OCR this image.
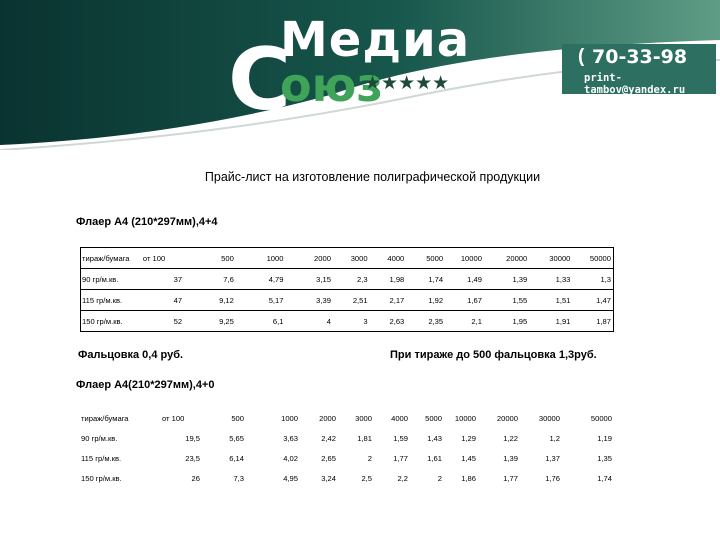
С
Медиа
оюз
★★★★★
( 70-33-98
print-tambov@yandex.ru
Прайс-лист на изготовление полиграфической продукции
Флаер А4 (210*297мм),4+4
тираж/бумага	от 100	500	1000	2000	3000	4000	5000	10000	20000	30000	50000
90 гр/м.кв.	37	7,6	4,79	3,15	2,3	1,98	1,74	1,49	1,39	1,33	1,3
115 гр/м.кв.	47	9,12	5,17	3,39	2,51	2,17	1,92	1,67	1,55	1,51	1,47
150 гр/м.кв.	52	9,25	6,1	4	3	2,63	2,35	2,1	1,95	1,91	1,87
Фальцовка 0,4 руб.	При тираже до 500 фальцовка 1,3руб.
Флаер А4(210*297мм),4+0
тираж/бумага	от 100	500	1000	2000	3000	4000	5000	10000	20000	30000	50000
90 гр/м.кв.	19,5	5,65	3,63	2,42	1,81	1,59	1,43	1,29	1,22	1,2	1,19
115 гр/м.кв.	23,5	6,14	4,02	2,65	2	1,77	1,61	1,45	1,39	1,37	1,35
150 гр/м.кв.	26	7,3	4,95	3,24	2,5	2,2	2	1,86	1,77	1,76	1,74
